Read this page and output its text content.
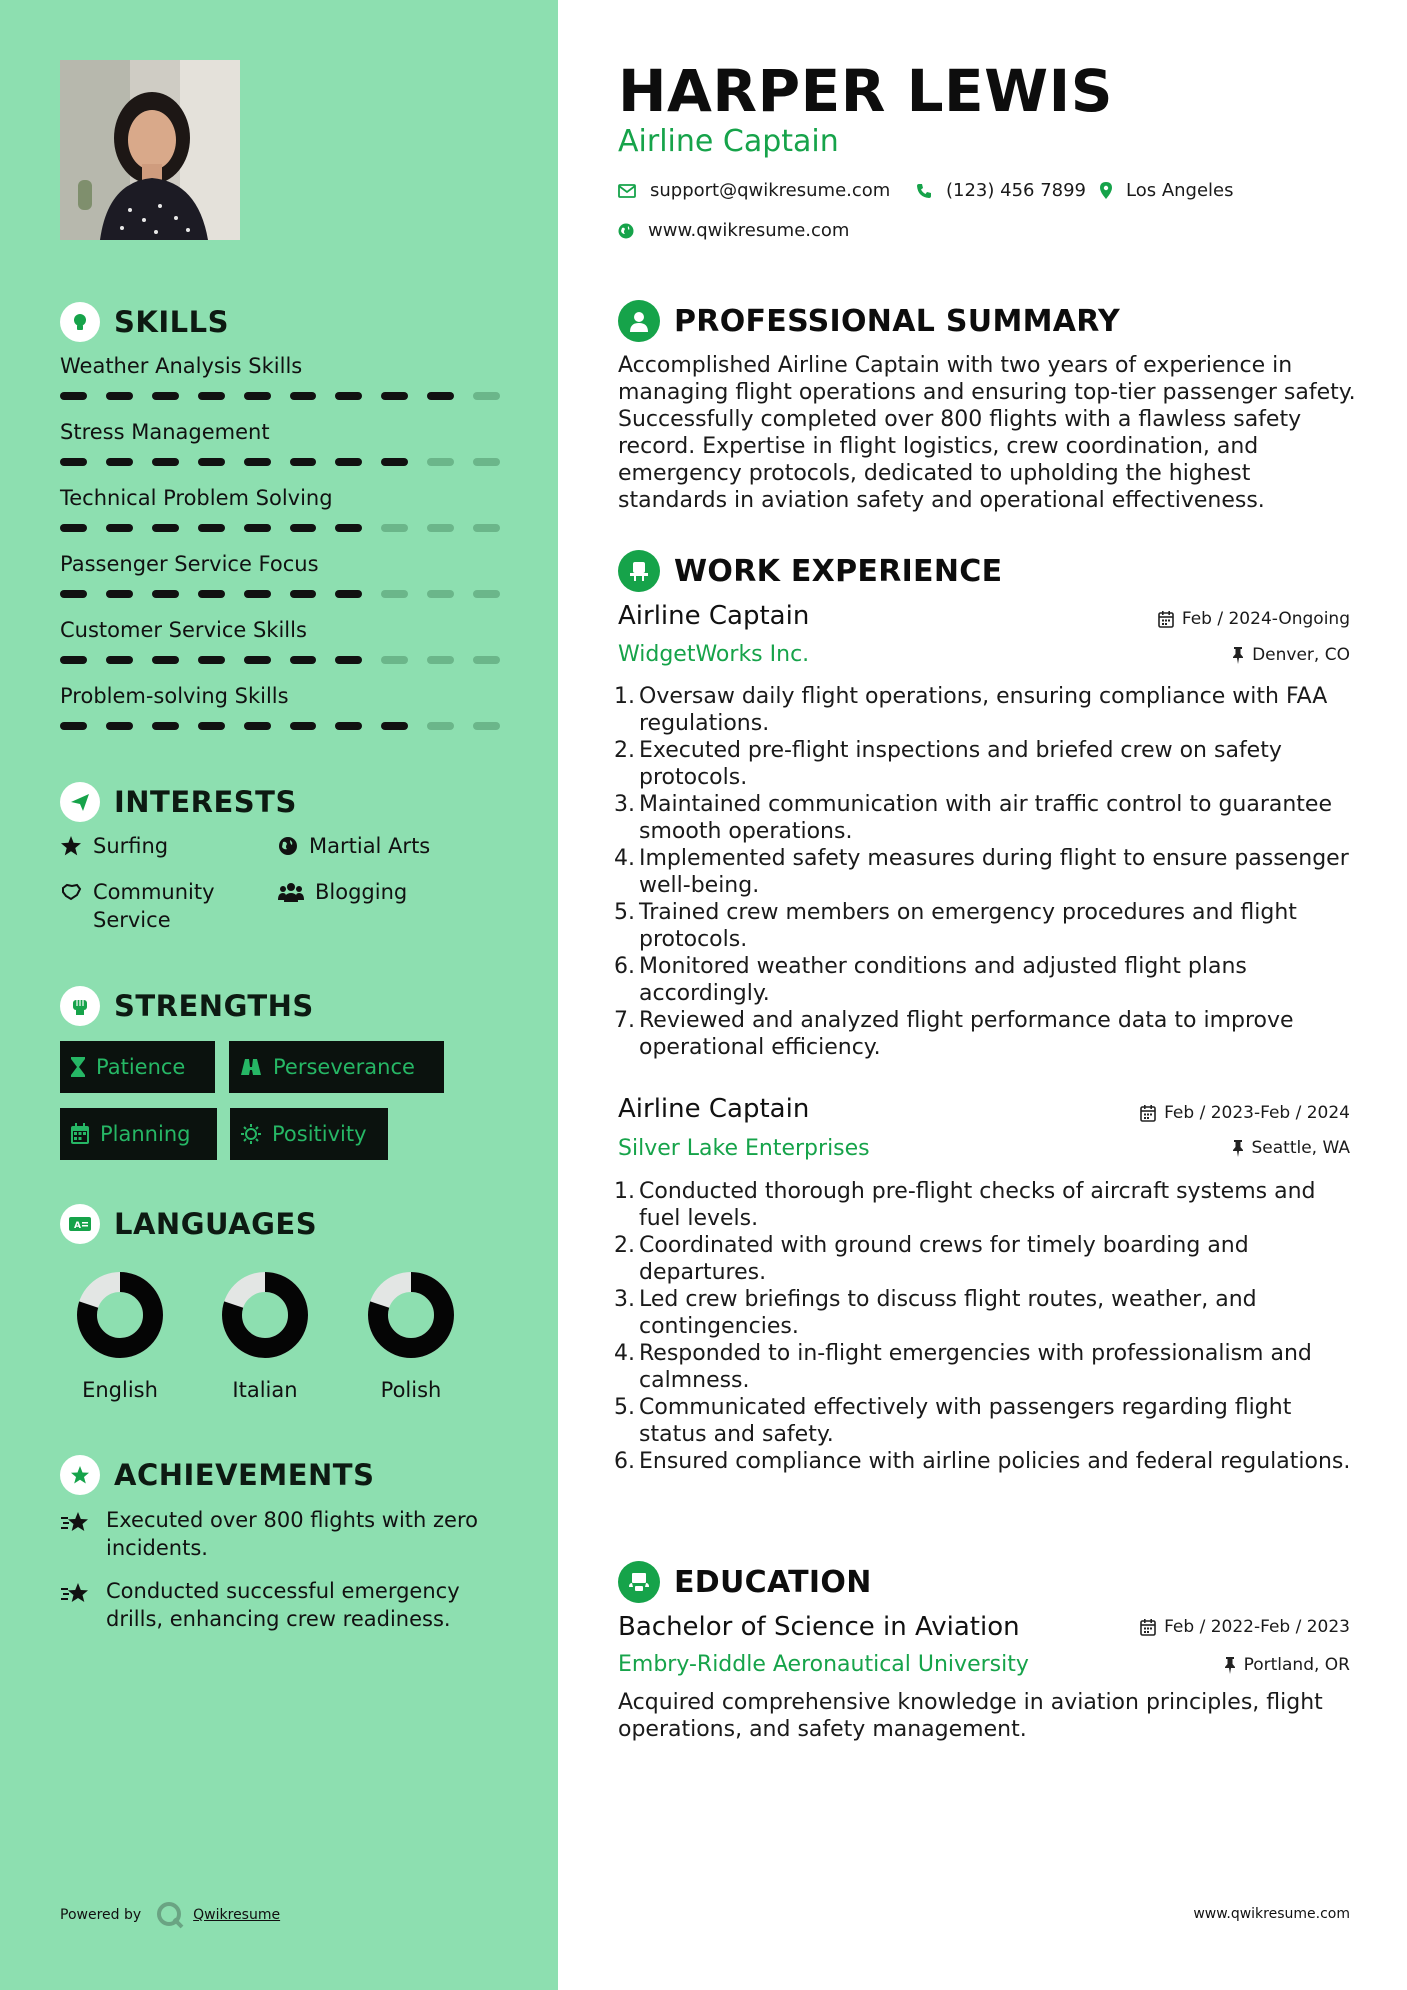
SKILLS
Weather Analysis Skills
Stress Management
Technical Problem Solving
Passenger Service Focus
Customer Service Skills
Problem-solving Skills
INTERESTS
Surfing	Martial Arts
Community Service
Blogging
STRENGTHS
Patience	Perseverance
Planning	Positivity
A LANGUAGES
English	Italian	Polish
ACHIEVEMENTS
Executed over 800 flights with zero incidents.
Conducted successful emergency drills, enhancing crew readiness.
Powered by	Qwikresume
HARPER LEWIS
Airline Captain
support@qwikresume.com	(123) 456 7899 Los Angeles
www.qwikresume.com
PROFESSIONAL SUMMARY
Accomplished Airline Captain with two years of experience in managing flight operations and ensuring top-tier passenger safety. Successfully completed over 800 flights with a flawless safety record. Expertise in flight logistics, crew coordination, and emergency protocols, dedicated to upholding the highest standards in aviation safety and operational effectiveness.
WORK EXPERIENCE
Airline Captain	Feb / 2024-Ongoing
WidgetWorks Inc.	Denver, CO
1. Oversaw daily flight operations, ensuring compliance with FAA regulations.
2. Executed pre-flight inspections and briefed crew on safety protocols.
3. Maintained communication with air traffic control to guarantee smooth operations.
4. Implemented safety measures during flight to ensure passenger well-being.
5. Trained crew members on emergency procedures and flight protocols.
6. Monitored weather conditions and adjusted flight plans accordingly.
7. Reviewed and analyzed flight performance data to improve operational efficiency.
Airline Captain	Feb / 2023-Feb / 2024
Silver Lake Enterprises	Seattle, WA
1. Conducted thorough pre-flight checks of aircraft systems and fuel levels.
2. Coordinated with ground crews for timely boarding and departures.
3. Led crew briefings to discuss flight routes, weather, and contingencies.
4. Responded to in-flight emergencies with professionalism and calmness.
5. Communicated effectively with passengers regarding flight status and safety.
6. Ensured compliance with airline policies and federal regulations.
EDUCATION
Bachelor of Science in Aviation	Feb / 2022-Feb / 2023
Embry-Riddle Aeronautical University	Portland, OR
Acquired comprehensive knowledge in aviation principles, flight operations, and safety management.
www.qwikresume.com
